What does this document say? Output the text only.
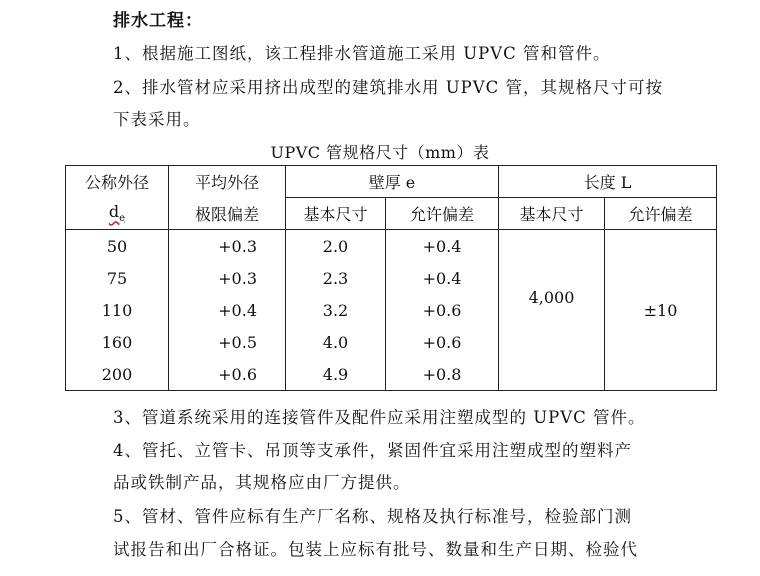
排水工程：
1、根据施工图纸，该工程排水管道施工采用 UPVC 管和管件。
2、排水管材应采用挤出成型的建筑排水用 UPVC 管，其规格尺寸可按
下表采用。
UPVC 管规格尺寸（mm）表
公称外径	平均外径	壁厚 e		长度 L	
$d_e$	极限偏差	基本尺寸	允许偏差	基本尺寸	允许偏差
50	+0.3	2.0	+0.4	4,000	±10
75	+0.3	2.3	+0.4		
110	+0.4	3.2	+0.6		
160	+0.5	4.0	+0.6		
200	+0.6	4.9	+0.8		
3、管道系统采用的连接管件及配件应采用注塑成型的 UPVC 管件。
4、管托、立管卡、吊顶等支承件，紧固件宜采用注塑成型的塑料产
品或铁制产品，其规格应由厂方提供。
5、管材、管件应标有生产厂名称、规格及执行标准号，检验部门测
试报告和出厂合格证。包装上应标有批号、数量和生产日期、检验代
